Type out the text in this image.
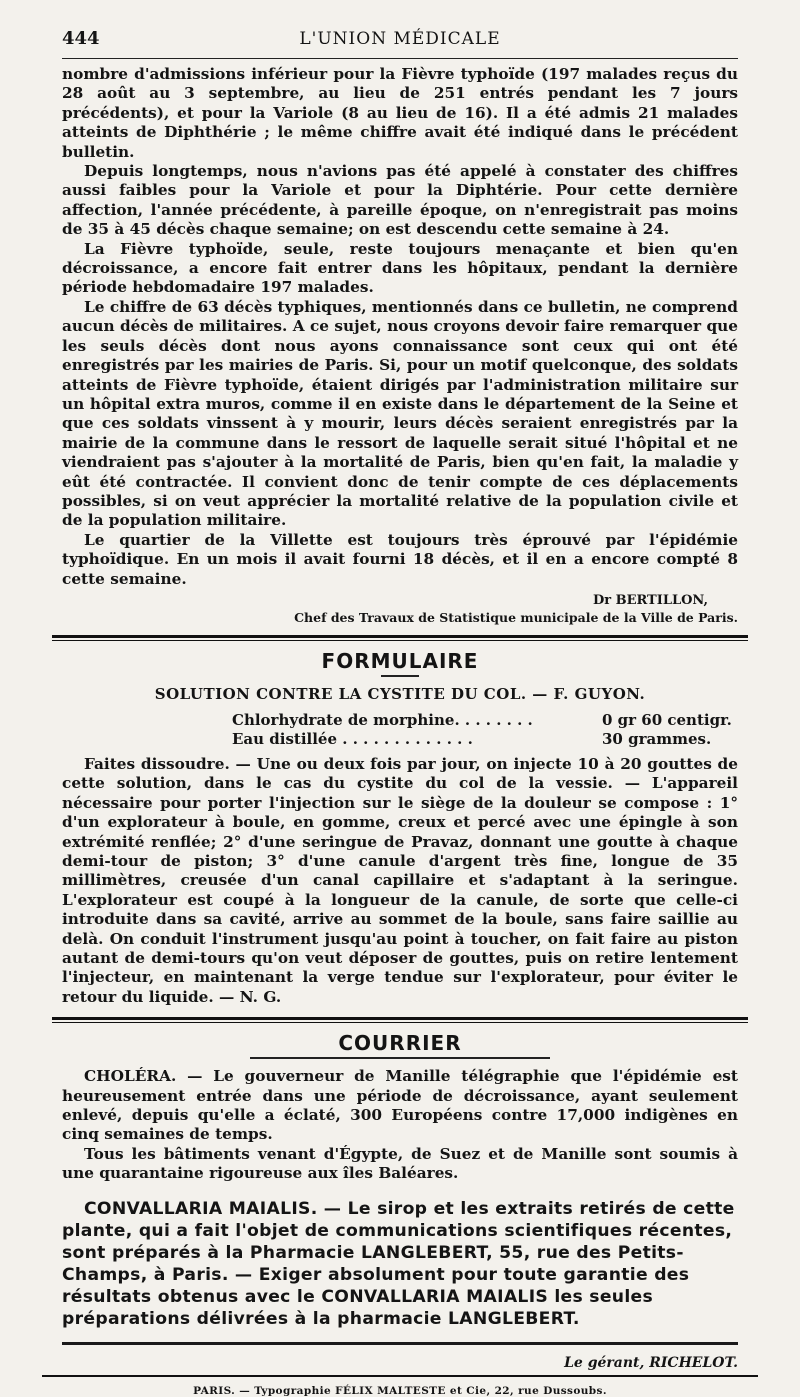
444	L'UNION MÉDICALE

nombre d'admissions inférieur pour la Fièvre typhoïde (197 malades reçus du 28 août au 3 septembre, au lieu de 251 entrés pendant les 7 jours précédents), et pour la Variole (8 au lieu de 16). Il a été admis 21 malades atteints de Diphthérie ; le même chiffre avait été indiqué dans le précédent bulletin.

Depuis longtemps, nous n'avions pas été appelé à constater des chiffres aussi faibles pour la Variole et pour la Diphtérie. Pour cette dernière affection, l'année précédente, à pareille époque, on n'enregistrait pas moins de 35 à 45 décès chaque semaine; on est descendu cette semaine à 24.

La Fièvre typhoïde, seule, reste toujours menaçante et bien qu'en décroissance, a encore fait entrer dans les hôpitaux, pendant la dernière période hebdomadaire 197 malades.

Le chiffre de 63 décès typhiques, mentionnés dans ce bulletin, ne comprend aucun décès de militaires. A ce sujet, nous croyons devoir faire remarquer que les seuls décès dont nous ayons connaissance sont ceux qui ont été enregistrés par les mairies de Paris. Si, pour un motif quelconque, des soldats atteints de Fièvre typhoïde, étaient dirigés par l'administration militaire sur un hôpital extra muros, comme il en existe dans le département de la Seine et que ces soldats vinssent à y mourir, leurs décès seraient enregistrés par la mairie de la commune dans le ressort de laquelle serait situé l'hôpital et ne viendraient pas s'ajouter à la mortalité de Paris, bien qu'en fait, la maladie y eût été contractée. Il convient donc de tenir compte de ces déplacements possibles, si on veut apprécier la mortalité relative de la population civile et de la population militaire.

Le quartier de la Villette est toujours très éprouvé par l'épidémie typhoïdique. En un mois il avait fourni 18 décès, et il en a encore compté 8 cette semaine.

Dr BERTILLON,
Chef des Travaux de Statistique municipale de la Ville de Paris.
FORMULAIRE
SOLUTION CONTRE LA CYSTITE DU COL. — F. GUYON.
Chlorhydrate de morphine. . . . . . . .	0 gr 60 centigr.
Eau distillée . . . . . . . . . . . . .	30 grammes.

Faites dissoudre. — Une ou deux fois par jour, on injecte 10 à 20 gouttes de cette solution, dans le cas du cystite du col de la vessie. — L'appareil nécessaire pour porter l'injection sur le siège de la douleur se compose : 1° d'un explorateur à boule, en gomme, creux et percé avec une épingle à son extrémité renflée; 2° d'une seringue de Pravaz, donnant une goutte à chaque demi-tour de piston; 3° d'une canule d'argent très fine, longue de 35 millimètres, creusée d'un canal capillaire et s'adaptant à la seringue. L'explorateur est coupé à la longueur de la canule, de sorte que celle-ci introduite dans sa cavité, arrive au sommet de la boule, sans faire saillie au delà. On conduit l'instrument jusqu'au point à toucher, on fait faire au piston autant de demi-tours qu'on veut déposer de gouttes, puis on retire lentement l'injecteur, en maintenant la verge tendue sur l'explorateur, pour éviter le retour du liquide. — N. G.

COURRIER

CHOLÉRA. — Le gouverneur de Manille télégraphie que l'épidémie est heureusement entrée dans une période de décroissance, ayant seulement enlevé, depuis qu'elle a éclaté, 300 Européens contre 17,000 indigènes en cinq semaines de temps.

Tous les bâtiments venant d'Égypte, de Suez et de Manille sont soumis à une quarantaine rigoureuse aux îles Baléares.

CONVALLARIA MAIALIS. — Le sirop et les extraits retirés de cette plante, qui a fait l'objet de communications scientifiques récentes, sont préparés à la Pharmacie LANGLEBERT, 55, rue des Petits-Champs, à Paris. — Exiger absolument pour toute garantie des résultats obtenus avec le CONVALLARIA MAIALIS les seules préparations délivrées à la pharmacie LANGLEBERT.

Le gérant, RICHELOT.
PARIS. — Typographie FÉLIX MALTESTE et Cie, 22, rue Dussoubs.
